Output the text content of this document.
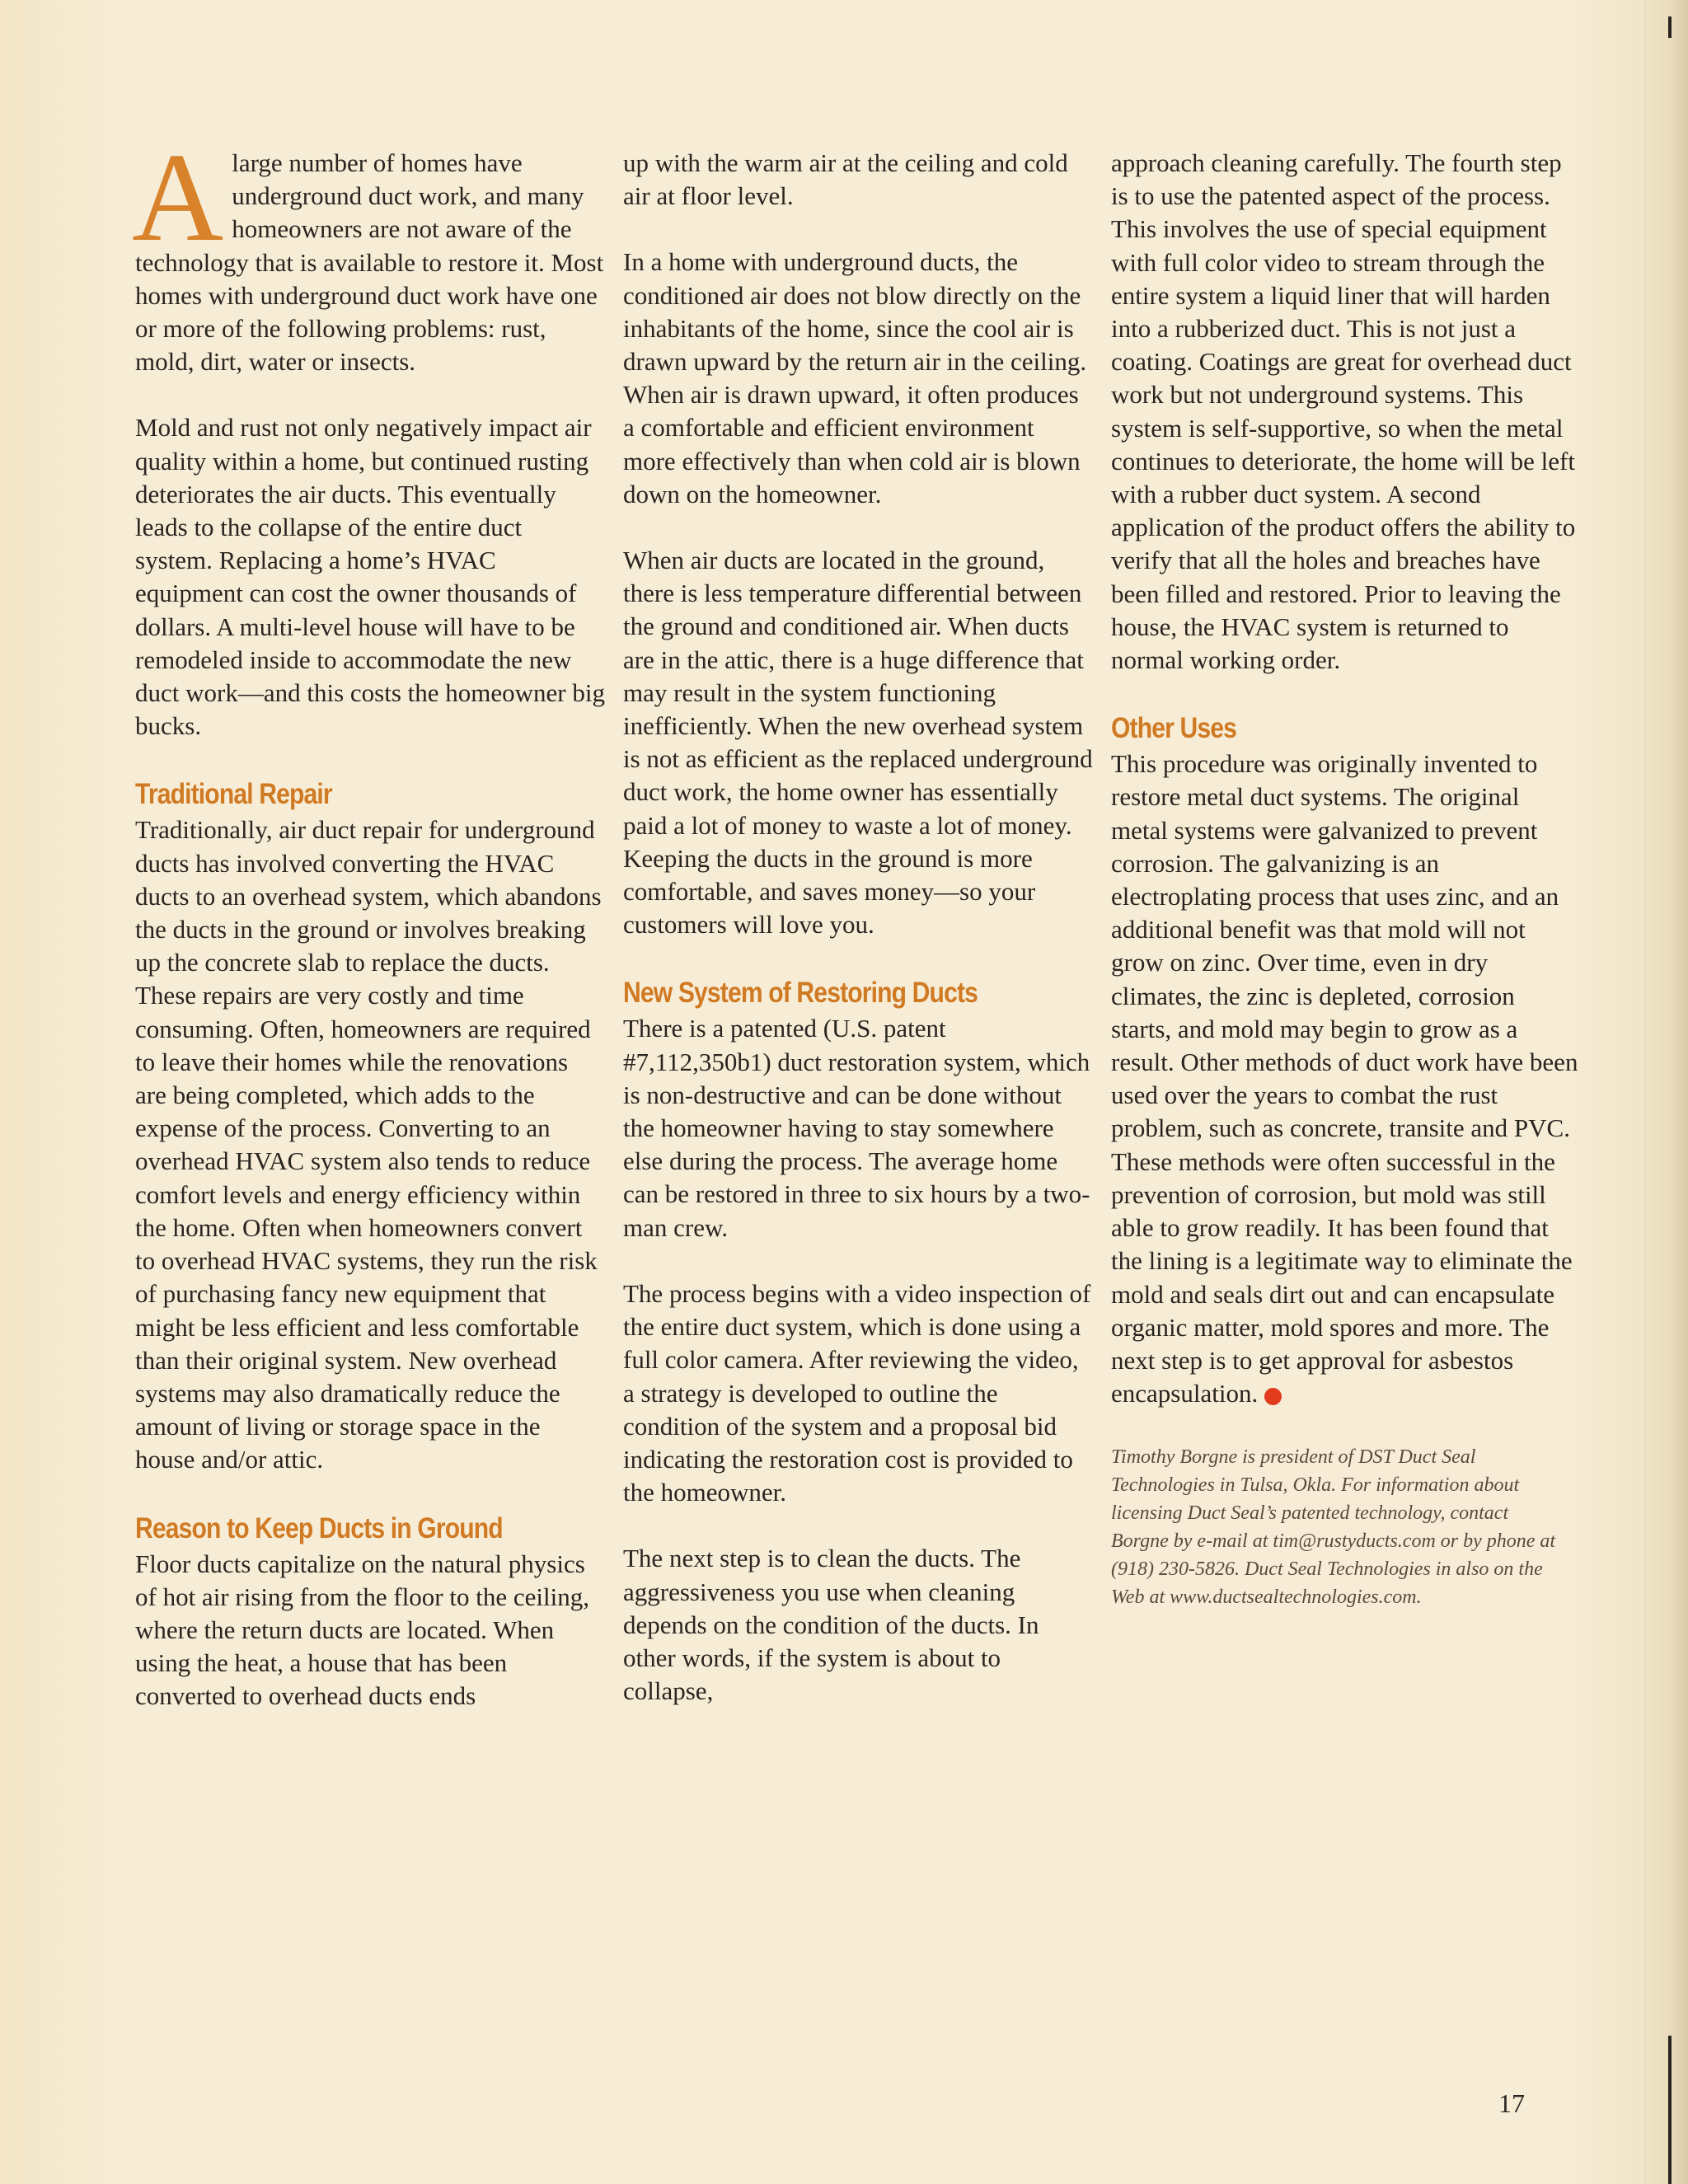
Alarge number of homes have underground duct work, and many homeowners are not aware of the technology that is available to restore it. Most homes with underground duct work have one or more of the following problems: rust, mold, dirt, water or insects.

Mold and rust not only negatively impact air quality within a home, but continued rusting deteriorates the air ducts. This eventually leads to the collapse of the entire duct system. Replacing a home’s HVAC equipment can cost the owner thousands of dollars. A multi-level house will have to be remodeled inside to accommodate the new duct work—and this costs the homeowner big bucks.

Traditional Repair

Traditionally, air duct repair for underground ducts has involved converting the HVAC ducts to an overhead system, which abandons the ducts in the ground or involves breaking up the concrete slab to replace the ducts. These repairs are very costly and time consuming. Often, homeowners are required to leave their homes while the renovations are being completed, which adds to the expense of the process. Converting to an overhead HVAC system also tends to reduce comfort levels and energy efficiency within the home. Often when homeowners convert to overhead HVAC systems, they run the risk of purchasing fancy new equipment that might be less efficient and less comfortable than their original system. New overhead systems may also dramatically reduce the amount of living or storage space in the house and/or attic.

Reason to Keep Ducts in Ground

Floor ducts capitalize on the natural physics of hot air rising from the floor to the ceiling, where the return ducts are located. When using the heat, a house that has been converted to overhead ducts ends

up with the warm air at the ceiling and cold air at floor level.

In a home with underground ducts, the conditioned air does not blow directly on the inhabitants of the home, since the cool air is drawn upward by the return air in the ceiling. When air is drawn upward, it often produces a comfortable and efficient environment more effectively than when cold air is blown down on the homeowner.

When air ducts are located in the ground, there is less temperature differential between the ground and conditioned air. When ducts are in the attic, there is a huge difference that may result in the system functioning inefficiently. When the new overhead system is not as efficient as the replaced underground duct work, the home owner has essentially paid a lot of money to waste a lot of money. Keeping the ducts in the ground is more comfortable, and saves money—so your customers will love you.

New System of Restoring Ducts

There is a patented (U.S. patent #7,112,350b1) duct restoration system, which is non-destructive and can be done without the homeowner having to stay somewhere else during the process. The average home can be restored in three to six hours by a two-man crew.

The process begins with a video inspection of the entire duct system, which is done using a full color camera. After reviewing the video, a strategy is developed to outline the condition of the system and a proposal bid indicating the restoration cost is provided to the homeowner.

The next step is to clean the ducts. The aggressiveness you use when cleaning depends on the condition of the ducts. In other words, if the system is about to collapse,

approach cleaning carefully. The fourth step is to use the patented aspect of the process. This involves the use of special equipment with full color video to stream through the entire system a liquid liner that will harden into a rubberized duct. This is not just a coating. Coatings are great for overhead duct work but not underground systems. This system is self-supportive, so when the metal continues to deteriorate, the home will be left with a rubber duct system. A second application of the product offers the ability to verify that all the holes and breaches have been filled and restored. Prior to leaving the house, the HVAC system is returned to normal working order.

Other Uses

This procedure was originally invented to restore metal duct systems. The original metal systems were galvanized to prevent corrosion. The galvanizing is an electroplating process that uses zinc, and an additional benefit was that mold will not grow on zinc. Over time, even in dry climates, the zinc is depleted, corrosion starts, and mold may begin to grow as a result. Other methods of duct work have been used over the years to combat the rust problem, such as concrete, transite and PVC. These methods were often successful in the prevention of corrosion, but mold was still able to grow readily. It has been found that the lining is a legitimate way to eliminate the mold and seals dirt out and can encapsulate organic matter, mold spores and more. The next step is to get approval for asbestos encapsulation.

Timothy Borgne is president of DST Duct Seal Technologies in Tulsa, Okla. For information about licensing Duct Seal’s patented technology, contact Borgne by e-mail at tim@rustyducts.com or by phone at (918) 230-5826. Duct Seal Technologies in also on the Web at www.ductsealtechnologies.com.

17
